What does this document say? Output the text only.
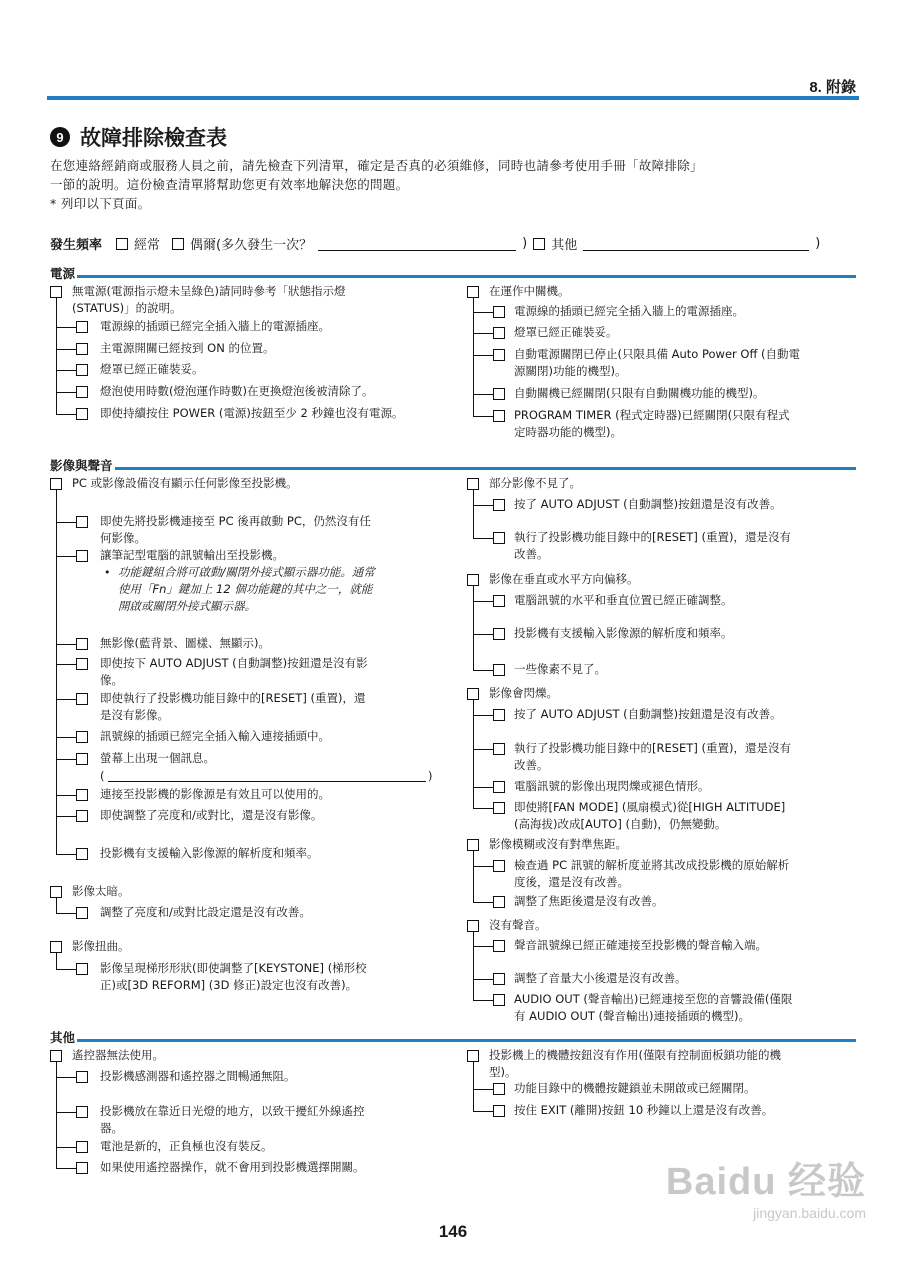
8. 附錄
9 故障排除檢查表
在您連絡經銷商或服務人員之前，請先檢查下列清單，確定是否真的必須維修，同時也請參考使用手冊「故障排除」
一節的說明。這份檢查清單將幫助您更有效率地解決您的問題。
* 列印以下頁面。
發生頻率 經常 偶爾(多久發生一次？	) 其他	)
電源
無電源(電源指示燈未呈綠色)請同時參考「狀態指示燈
(STATUS)」的說明。
電源線的插頭已經完全插入牆上的電源插座。
主電源開關已經按到 ON 的位置。
燈罩已經正確裝妥。
燈泡使用時數(燈泡運作時數)在更換燈泡後被清除了。
即使持續按住 POWER (電源)按鈕至少 2 秒鐘也沒有電源。
在運作中關機。
電源線的插頭已經完全插入牆上的電源插座。
燈罩已經正確裝妥。
自動電源關閉已停止(只限具備 Auto Power Off (自動電
源關閉)功能的機型)。
自動關機已經關閉(只限有自動關機功能的機型)。
PROGRAM TIMER (程式定時器)已經關閉(只限有程式
定時器功能的機型)。
PC 或影像設備沒有顯示任何影像至投影機。
即使先將投影機連接至 PC 後再啟動 PC，仍然沒有任
何影像。
讓筆記型電腦的訊號輸出至投影機。
功能鍵組合將可啟動/關閉外接式顯示器功能。通常
使用「Fn」鍵加上 12 個功能鍵的其中之一，就能
開啟或關閉外接式顯示器。
無影像(藍背景、圖樣、無顯示)。
即使按下 AUTO ADJUST (自動調整)按鈕還是沒有影
像。
即使執行了投影機功能目錄中的[RESET] (重置)，還
是沒有影像。
訊號線的插頭已經完全插入輸入連接插頭中。
螢幕上出現一個訊息。
(
連接至投影機的影像源是有效且可以使用的。
即使調整了亮度和/或對比，還是沒有影像。
投影機有支援輸入影像源的解析度和頻率。
•
)
影像太暗。
調整了亮度和/或對比設定還是沒有改善。
影像扭曲。
影像呈現梯形形狀(即使調整了[KEYSTONE] (梯形校
正)或[3D REFORM] (3D 修正)設定也沒有改善)。
部分影像不見了。
按了 AUTO ADJUST (自動調整)按鈕還是沒有改善。
執行了投影機功能目錄中的[RESET] (重置)，還是沒有
改善。
影像在垂直或水平方向偏移。
電腦訊號的水平和垂直位置已經正確調整。
投影機有支援輸入影像源的解析度和頻率。
一些像素不見了。
影像會閃爍。
按了 AUTO ADJUST (自動調整)按鈕還是沒有改善。
執行了投影機功能目錄中的[RESET] (重置)，還是沒有
改善。
電腦訊號的影像出現閃爍或褪色情形。
即使將[FAN MODE] (風扇模式)從[HIGH ALTITUDE]
(高海拔)改成[AUTO] (自動)，仍無變動。
影像模糊或沒有對準焦距。
檢查過 PC 訊號的解析度並將其改成投影機的原始解析
度後，還是沒有改善。
調整了焦距後還是沒有改善。
沒有聲音。
聲音訊號線已經正確連接至投影機的聲音輸入端。
調整了音量大小後還是沒有改善。
AUDIO OUT (聲音輸出)已經連接至您的音響設備(僅限
有 AUDIO OUT (聲音輸出)連接插頭的機型)。
遙控器無法使用。
投影機感測器和遙控器之間暢通無阻。
投影機放在靠近日光燈的地方，以致干擾紅外線遙控
器。
電池是新的，正負極也沒有裝反。
如果使用遙控器操作，就不會用到投影機選擇開關。
投影機上的機體按鈕沒有作用(僅限有控制面板鎖功能的機
型)。
功能目錄中的機體按鍵鎖並未開啟或已經關閉。
按住 EXIT (離開)按鈕 10 秒鐘以上還是沒有改善。
影像與聲音
其他
146
Baidu 经验
jingyan.baidu.com
